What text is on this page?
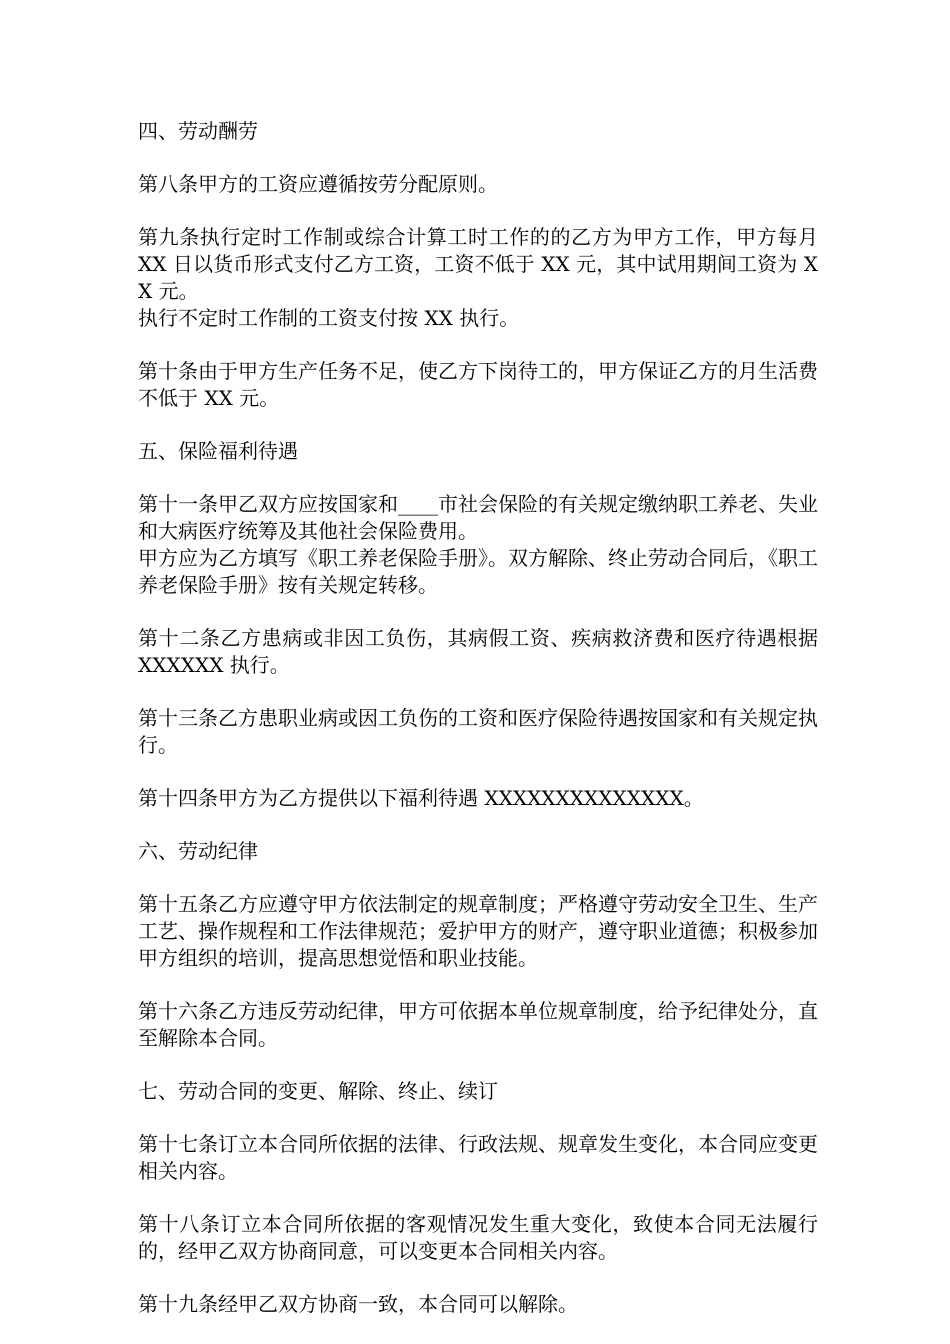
四、劳动酬劳
第八条甲方的工资应遵循按劳分配原则。
第九条执行定时工作制或综合计算工时工作的的乙方为甲方工作，甲方每月 XX 日以货币形式支付乙方工资，工资不低于 XX 元，其中试用期间工资为 XX 元。
执行不定时工作制的工资支付按 XX 执行。
第十条由于甲方生产任务不足，使乙方下岗待工的，甲方保证乙方的月生活费不低于 XX 元。
五、保险福利待遇
第十一条甲乙双方应按国家和____市社会保险的有关规定缴纳职工养老、失业和大病医疗统筹及其他社会保险费用。
甲方应为乙方填写《职工养老保险手册》。双方解除、终止劳动合同后，《职工养老保险手册》按有关规定转移。
第十二条乙方患病或非因工负伤，其病假工资、疾病救济费和医疗待遇根据 XXXXXX 执行。
第十三条乙方患职业病或因工负伤的工资和医疗保险待遇按国家和有关规定执行。
第十四条甲方为乙方提供以下福利待遇 XXXXXXXXXXXXXX。
六、劳动纪律
第十五条乙方应遵守甲方依法制定的规章制度；严格遵守劳动安全卫生、生产工艺、操作规程和工作法律规范；爱护甲方的财产，遵守职业道德；积极参加甲方组织的培训，提高思想觉悟和职业技能。
第十六条乙方违反劳动纪律，甲方可依据本单位规章制度，给予纪律处分，直至解除本合同。
七、劳动合同的变更、解除、终止、续订
第十七条订立本合同所依据的法律、行政法规、规章发生变化，本合同应变更相关内容。
第十八条订立本合同所依据的客观情况发生重大变化，致使本合同无法履行的，经甲乙双方协商同意，可以变更本合同相关内容。
第十九条经甲乙双方协商一致，本合同可以解除。
